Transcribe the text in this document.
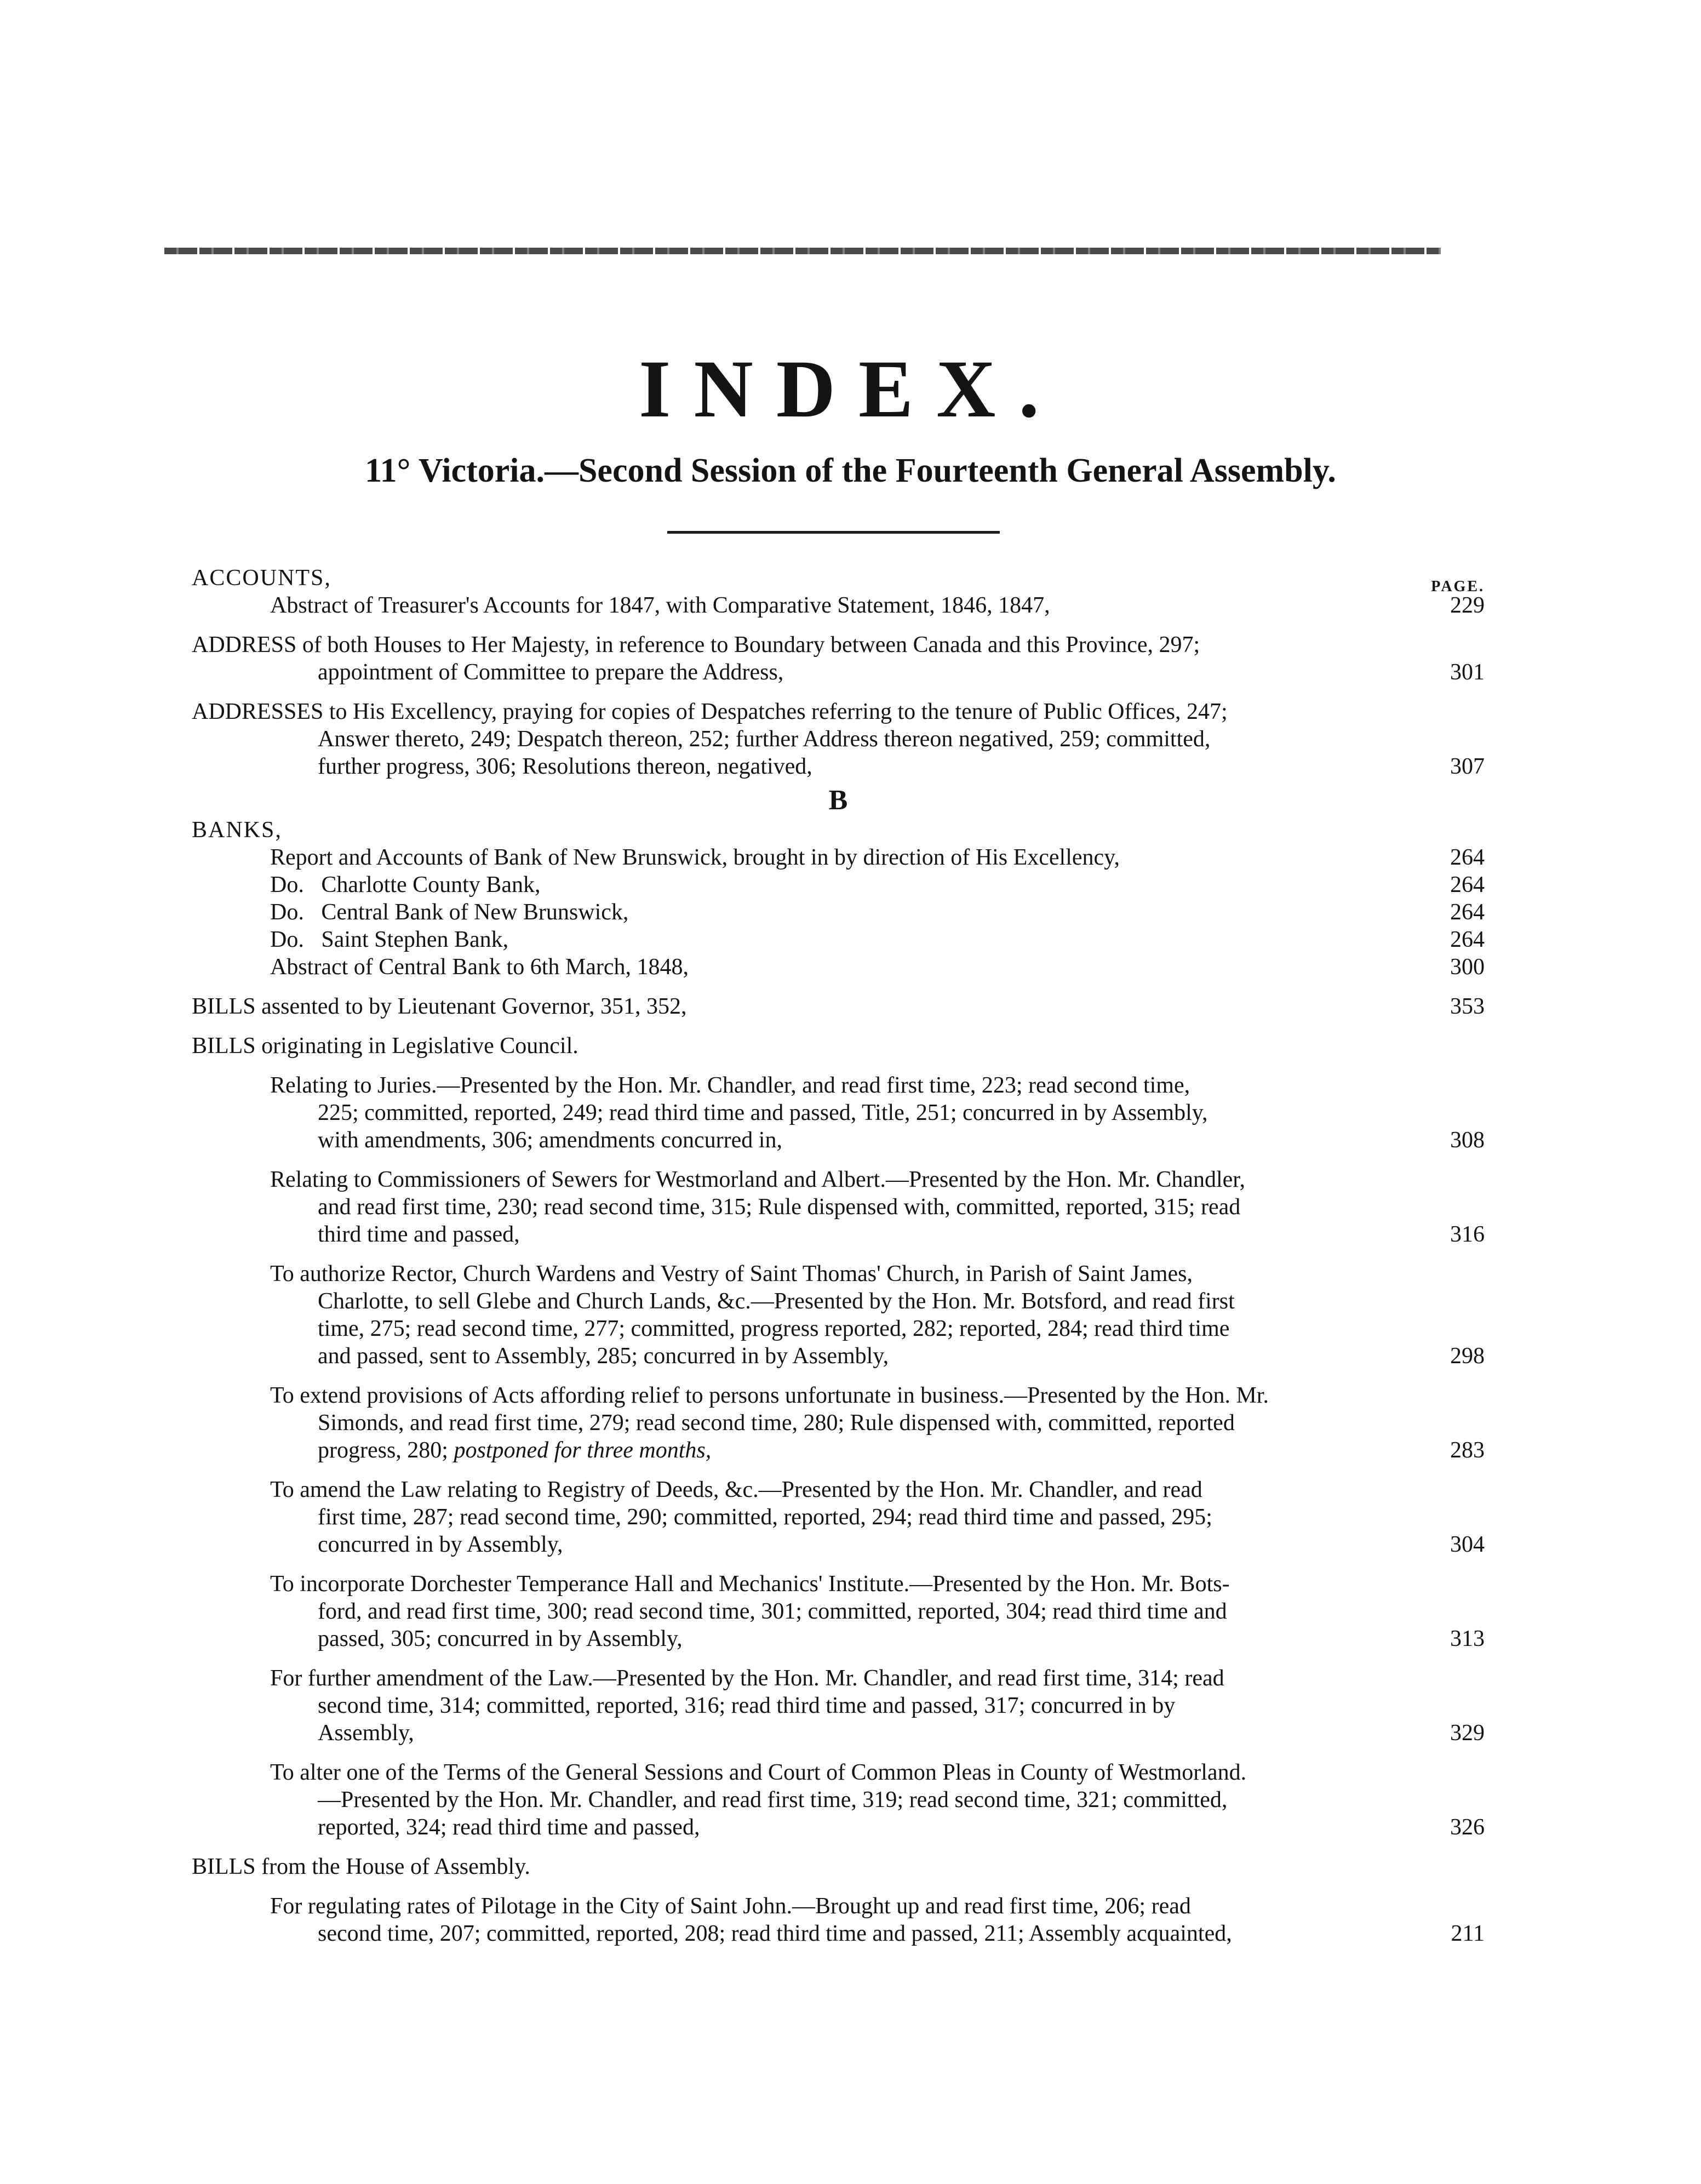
INDEX.
11° Victoria.—Second Session of the Fourteenth General Assembly.
PAGE.
ACCOUNTS,
Abstract of Treasurer's Accounts for 1847, with Comparative Statement, 1846, 1847,	229
ADDRESS of both Houses to Her Majesty, in reference to Boundary between Canada and this Province, 297;
appointment of Committee to prepare the Address,	301
ADDRESSES to His Excellency, praying for copies of Despatches referring to the tenure of Public Offices, 247;
Answer thereto, 249; Despatch thereon, 252; further Address thereon negatived, 259; committed,
further progress, 306; Resolutions thereon, negatived,	307
B
BANKS,
Report and Accounts of Bank of New Brunswick, brought in by direction of His Excellency,	264
Do.   Charlotte County Bank,	264
Do.   Central Bank of New Brunswick,	264
Do.   Saint Stephen Bank,	264
Abstract of Central Bank to 6th March, 1848,	300
BILLS assented to by Lieutenant Governor, 351, 352,	353
BILLS originating in Legislative Council.
Relating to Juries.—Presented by the Hon. Mr. Chandler, and read first time, 223; read second time,
225; committed, reported, 249; read third time and passed, Title, 251; concurred in by Assembly,
with amendments, 306; amendments concurred in,	308
Relating to Commissioners of Sewers for Westmorland and Albert.—Presented by the Hon. Mr. Chandler,
and read first time, 230; read second time, 315; Rule dispensed with, committed, reported, 315; read
third time and passed,	316
To authorize Rector, Church Wardens and Vestry of Saint Thomas' Church, in Parish of Saint James,
Charlotte, to sell Glebe and Church Lands, &c.—Presented by the Hon. Mr. Botsford, and read first
time, 275; read second time, 277; committed, progress reported, 282; reported, 284; read third time
and passed, sent to Assembly, 285; concurred in by Assembly,	298
To extend provisions of Acts affording relief to persons unfortunate in business.—Presented by the Hon. Mr.
Simonds, and read first time, 279; read second time, 280; Rule dispensed with, committed, reported
progress, 280; postponed for three months,	283
To amend the Law relating to Registry of Deeds, &c.—Presented by the Hon. Mr. Chandler, and read
first time, 287; read second time, 290; committed, reported, 294; read third time and passed, 295;
concurred in by Assembly,	304
To incorporate Dorchester Temperance Hall and Mechanics' Institute.—Presented by the Hon. Mr. Bots-
ford, and read first time, 300; read second time, 301; committed, reported, 304; read third time and
passed, 305; concurred in by Assembly,	313
For further amendment of the Law.—Presented by the Hon. Mr. Chandler, and read first time, 314; read
second time, 314; committed, reported, 316; read third time and passed, 317; concurred in by
Assembly,	329
To alter one of the Terms of the General Sessions and Court of Common Pleas in County of Westmorland.
—Presented by the Hon. Mr. Chandler, and read first time, 319; read second time, 321; committed,
reported, 324; read third time and passed,	326
BILLS from the House of Assembly.
For regulating rates of Pilotage in the City of Saint John.—Brought up and read first time, 206; read
second time, 207; committed, reported, 208; read third time and passed, 211; Assembly acquainted,	211
